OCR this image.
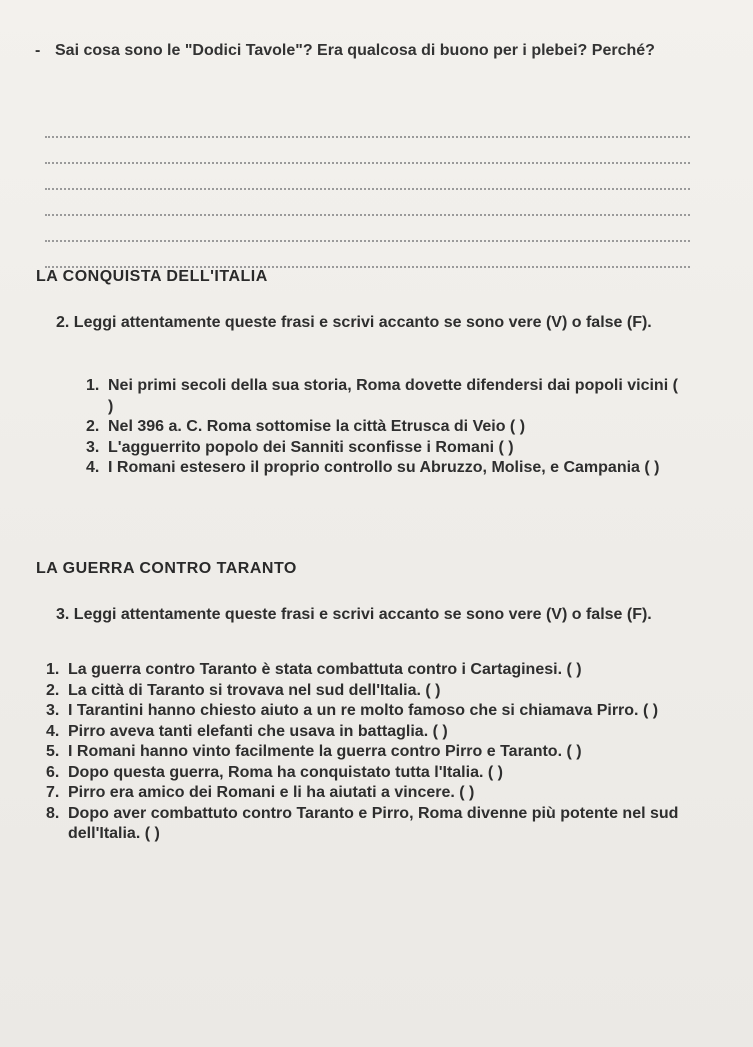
- Sai cosa sono le "Dodici Tavole"? Era qualcosa di buono per i plebei? Perché?
LA CONQUISTA DELL'ITALIA
2. Leggi attentamente queste frasi e scrivi accanto se sono vere (V) o false (F).
1. Nei primi secoli della sua storia, Roma dovette difendersi dai popoli vicini ( )
2. Nel 396 a. C. Roma sottomise la città Etrusca di Veio ( )
3. L'agguerrito popolo dei Sanniti sconfisse i Romani ( )
4. I Romani estesero il proprio controllo su Abruzzo, Molise, e Campania ( )
LA GUERRA CONTRO TARANTO
3. Leggi attentamente queste frasi e scrivi accanto se sono vere (V) o false (F).
1. La guerra contro Taranto è stata combattuta contro i Cartaginesi. ( )
2. La città di Taranto si trovava nel sud dell'Italia. ( )
3. I Tarantini hanno chiesto aiuto a un re molto famoso che si chiamava Pirro. ( )
4. Pirro aveva tanti elefanti che usava in battaglia. ( )
5. I Romani hanno vinto facilmente la guerra contro Pirro e Taranto. ( )
6. Dopo questa guerra, Roma ha conquistato tutta l'Italia. ( )
7. Pirro era amico dei Romani e li ha aiutati a vincere. ( )
8. Dopo aver combattuto contro Taranto e Pirro, Roma divenne più potente nel sud dell'Italia. ( )
